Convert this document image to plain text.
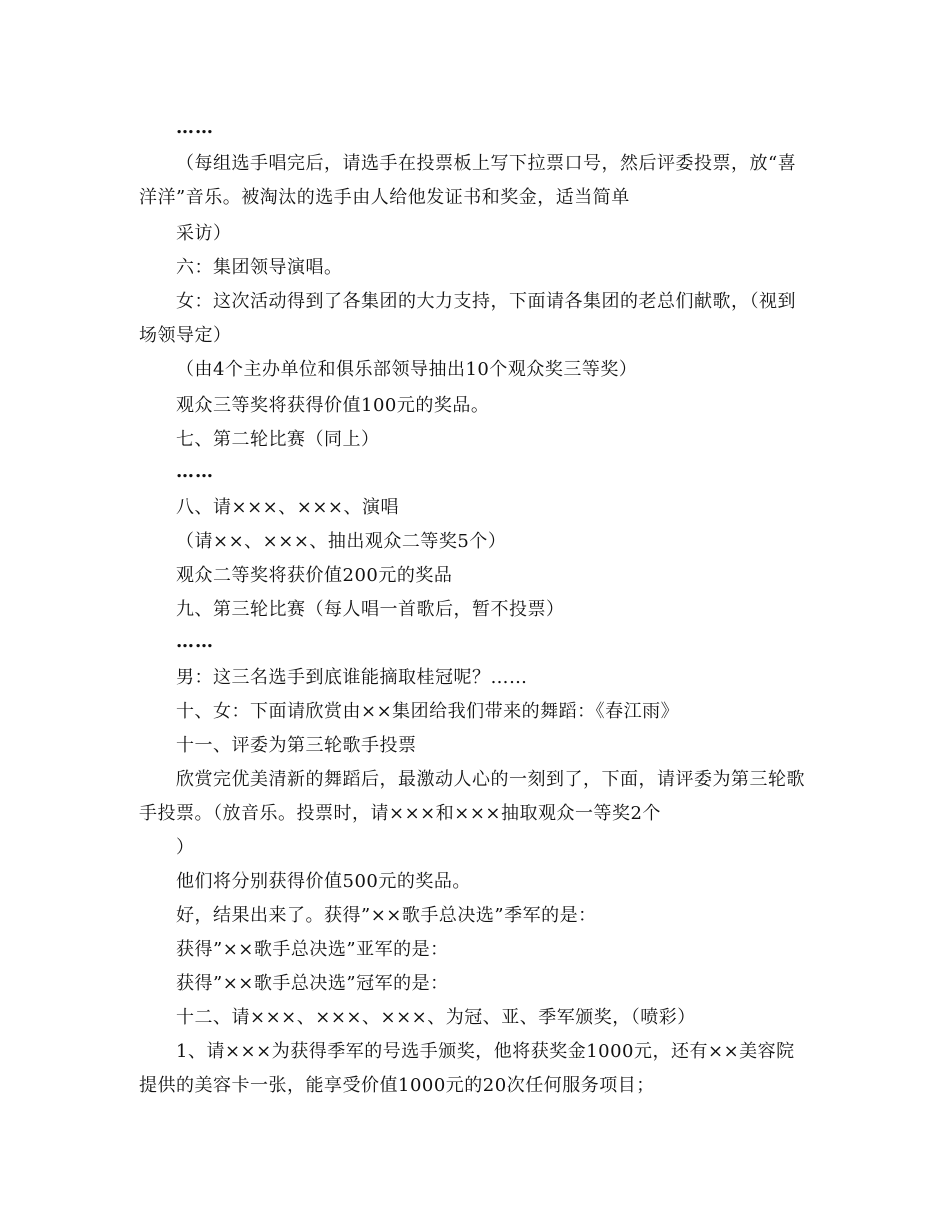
……
（每组选手唱完后，请选手在投票板上写下拉票口号，然后评委投票，放“喜
洋洋”音乐。被淘汰的选手由人给他发证书和奖金，适当简单
采访）
六：集团领导演唱。
女：这次活动得到了各集团的大力支持，下面请各集团的老总们献歌，（视到
场领导定）
（由4个主办单位和俱乐部领导抽出10个观众奖三等奖）
观众三等奖将获得价值100元的奖品。
七、第二轮比赛（同上）
……
八、请×××、×××、演唱
（请××、×××、抽出观众二等奖5个）
观众二等奖将获价值200元的奖品
九、第三轮比赛（每人唱一首歌后，暂不投票）
……
男：这三名选手到底谁能摘取桂冠呢？……
十、女：下面请欣赏由××集团给我们带来的舞蹈：《春江雨》
十一、评委为第三轮歌手投票
欣赏完优美清新的舞蹈后，最激动人心的一刻到了，下面，请评委为第三轮歌
手投票。（放音乐。投票时，请×××和×××抽取观众一等奖2个
）
他们将分别获得价值500元的奖品。
好，结果出来了。获得”××歌手总决选”季军的是：
获得”××歌手总决选”亚军的是：
获得”××歌手总决选”冠军的是：
十二、请×××、×××、×××、为冠、亚、季军颁奖，（喷彩）
1、请×××为获得季军的号选手颁奖，他将获奖金1000元，还有××美容院
提供的美容卡一张，能享受价值1000元的20次任何服务项目；
